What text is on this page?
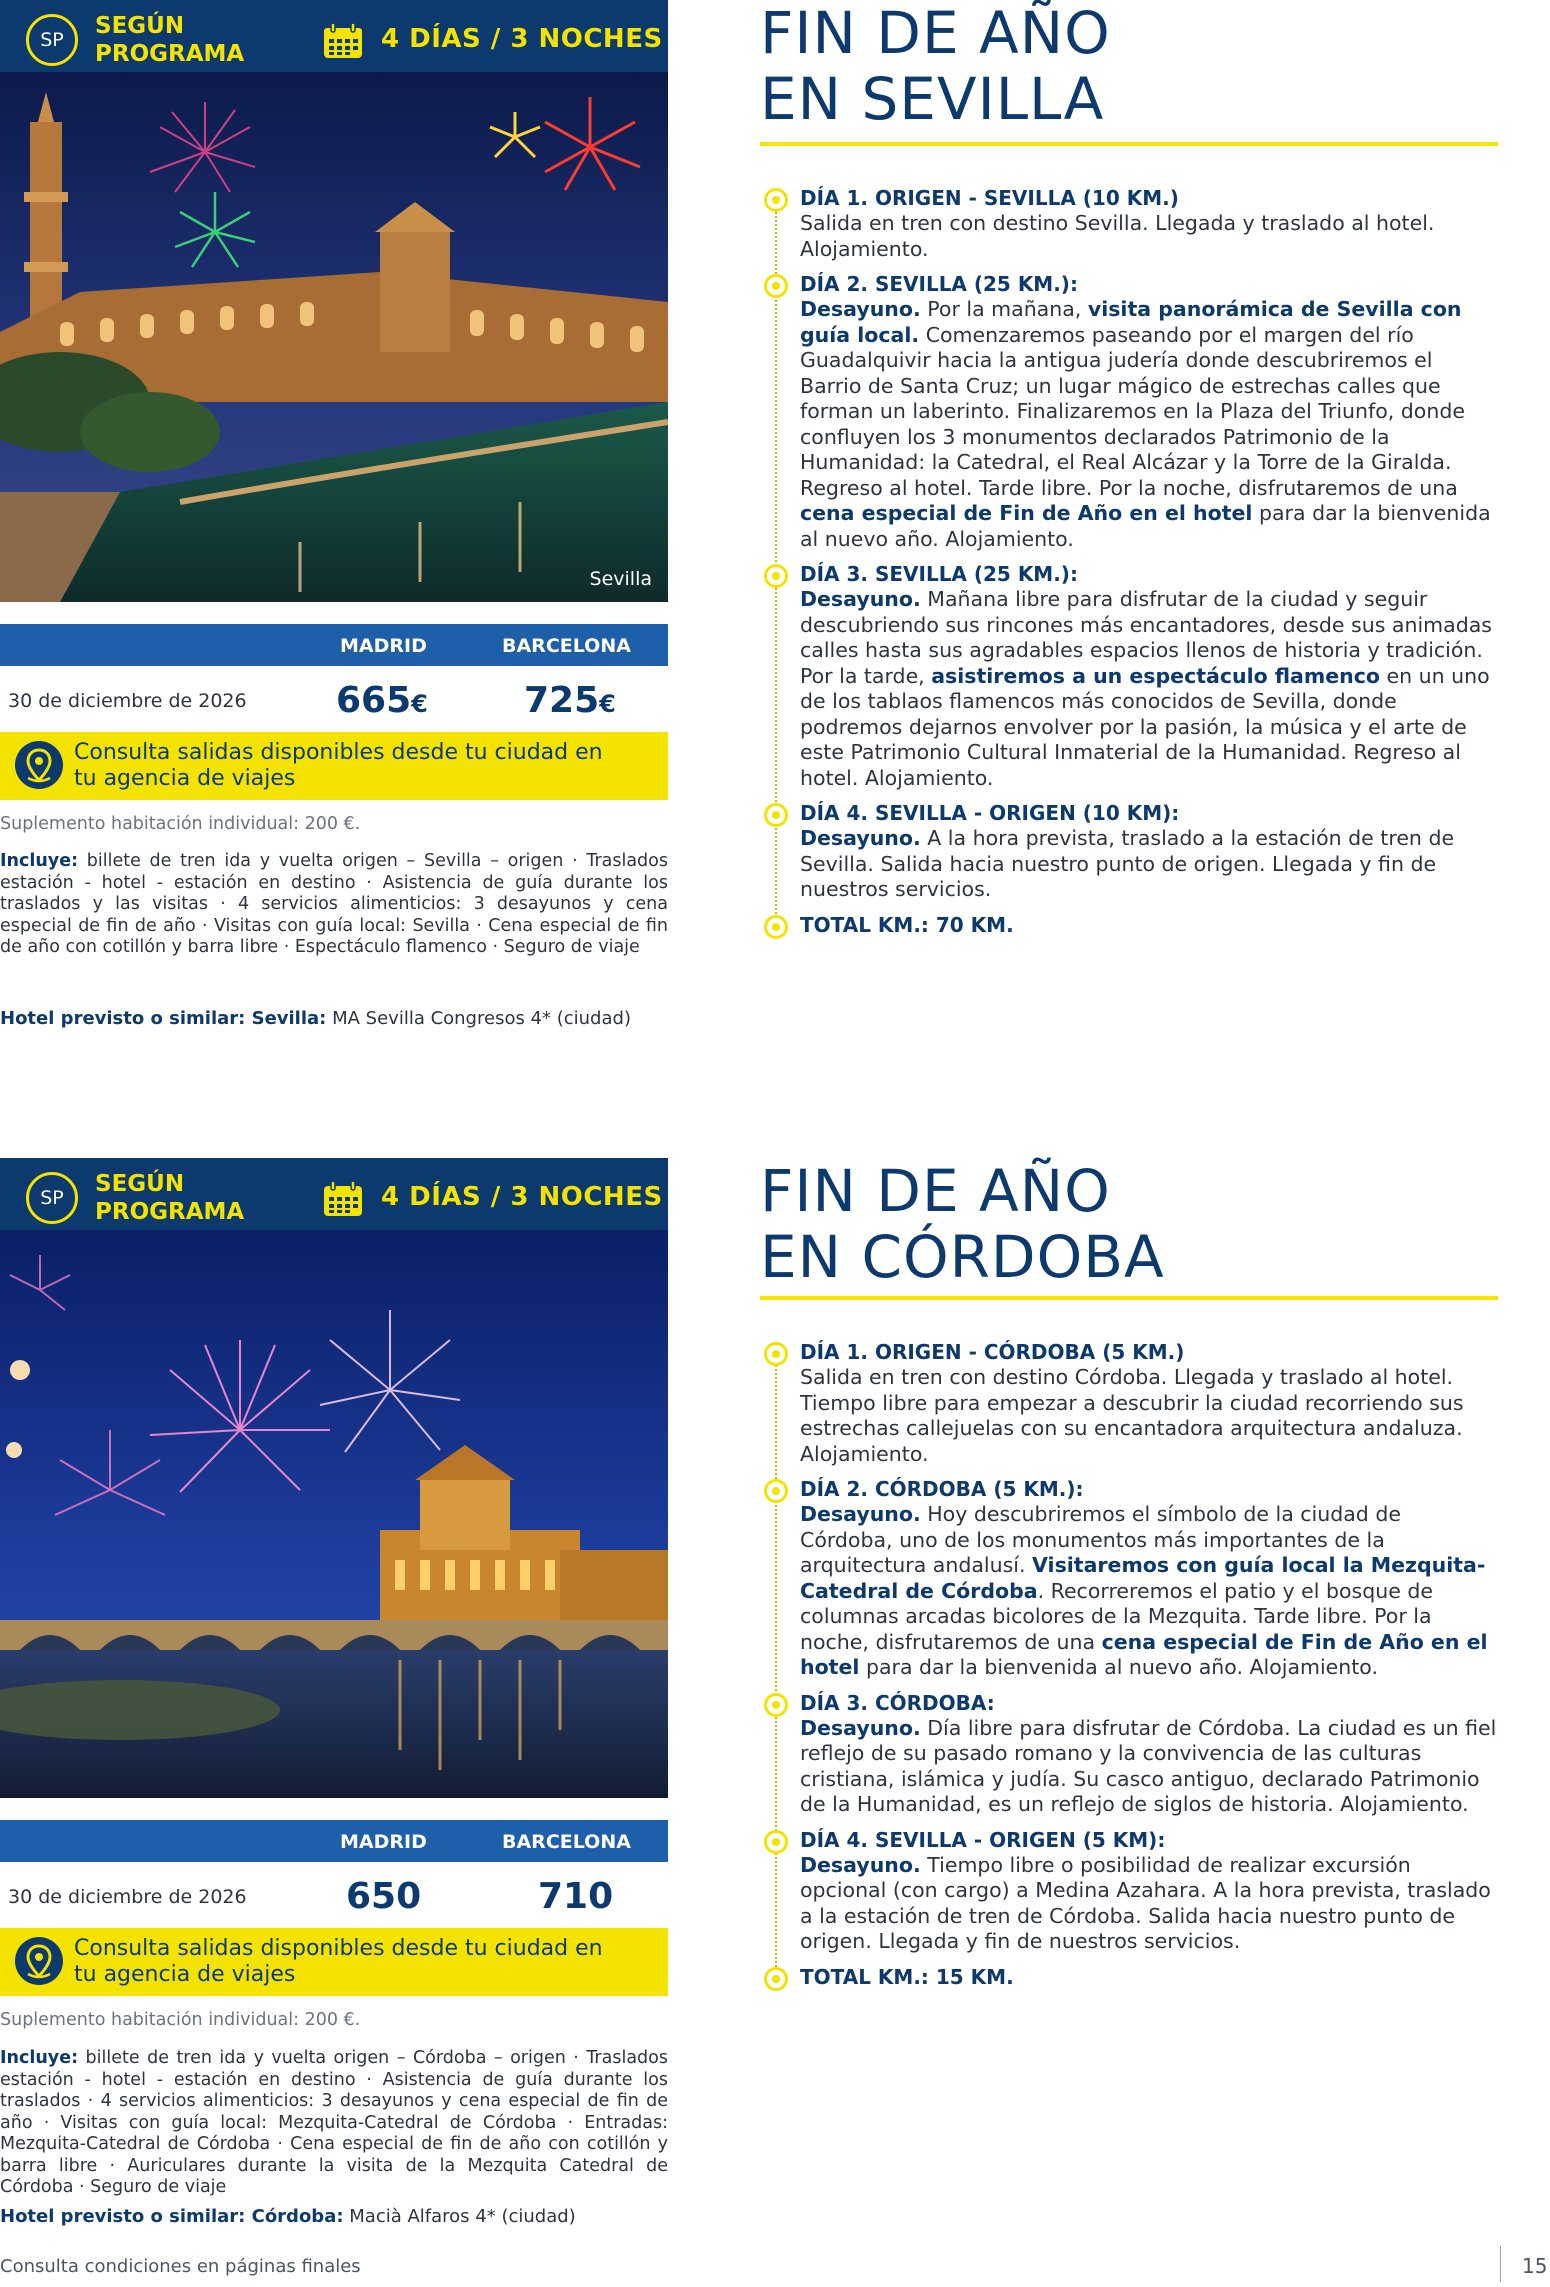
SP
SEGÚN
PROGRAMA	4 DÍAS / 3 NOCHES
Sevilla
MADRID	BARCELONA
30 de diciembre de 2026 665€	725€
Consulta salidas disponibles desde tu ciudad en
tu agencia de viajes
Suplemento habitación individual: 200 €.
Incluye: billete de tren ida y vuelta origen – Sevilla – origen · Traslados estación - hotel - estación en destino · Asistencia de guía durante los traslados y las visitas · 4 servicios alimenticios: 3 desayunos y cena especial de fin de año · Visitas con guía local: Sevilla · Cena especial de fin de año con cotillón y barra libre · Espectáculo flamenco · Seguro de viaje
Hotel previsto o similar: Sevilla: MA Sevilla Congresos 4* (ciudad)
FIN DE AÑO
EN SEVILLA
DÍA 1. ORIGEN - SEVILLA (10 KM.)

Salida en tren con destino Sevilla. Llegada y traslado al hotel. Alojamiento.

DÍA 2. SEVILLA (25 KM.):

Desayuno. Por la mañana, visita panorámica de Sevilla con guía local. Comenzaremos paseando por el margen del río Guadalquivir hacia la antigua judería donde descubriremos el Barrio de Santa Cruz; un lugar mágico de estrechas calles que forman un laberinto. Finalizaremos en la Plaza del Triunfo, donde confluyen los 3 monumentos declarados Patrimonio de la Humanidad: la Catedral, el Real Alcázar y la Torre de la Giralda. Regreso al hotel. Tarde libre. Por la noche, disfrutaremos de una cena especial de Fin de Año en el hotel para dar la bienvenida al nuevo año. Alojamiento.

DÍA 3. SEVILLA (25 KM.):

Desayuno. Mañana libre para disfrutar de la ciudad y seguir descubriendo sus rincones más encantadores, desde sus animadas calles hasta sus agradables espacios llenos de historia y tradición. Por la tarde, asistiremos a un espectáculo flamenco en un uno de los tablaos flamencos más conocidos de Sevilla, donde podremos dejarnos envolver por la pasión, la música y el arte de este Patrimonio Cultural Inmaterial de la Humanidad. Regreso al hotel. Alojamiento.

DÍA 4. SEVILLA - ORIGEN (10 KM):

Desayuno. A la hora prevista, traslado a la estación de tren de Sevilla. Salida hacia nuestro punto de origen. Llegada y fin de nuestros servicios.

TOTAL KM.: 70 KM.
SP
SEGÚN
PROGRAMA	4 DÍAS / 3 NOCHES
MADRID	BARCELONA
30 de diciembre de 2026	650	710
Consulta salidas disponibles desde tu ciudad en
tu agencia de viajes
Suplemento habitación individual: 200 €.
Incluye: billete de tren ida y vuelta origen – Córdoba – origen · Traslados estación - hotel - estación en destino · Asistencia de guía durante los traslados · 4 servicios alimenticios: 3 desayunos y cena especial de fin de año · Visitas con guía local: Mezquita-Catedral de Córdoba · Entradas: Mezquita-Catedral de Córdoba · Cena especial de fin de año con cotillón y barra libre · Auriculares durante la visita de la Mezquita Catedral de Córdoba · Seguro de viaje
Hotel previsto o similar: Córdoba: Macià Alfaros 4* (ciudad)
FIN DE AÑO
EN CÓRDOBA
DÍA 1. ORIGEN - CÓRDOBA (5 KM.)

Salida en tren con destino Córdoba. Llegada y traslado al hotel. Tiempo libre para empezar a descubrir la ciudad recorriendo sus estrechas callejuelas con su encantadora arquitectura andaluza. Alojamiento.

DÍA 2. CÓRDOBA (5 KM.):

Desayuno. Hoy descubriremos el símbolo de la ciudad de Córdoba, uno de los monumentos más importantes de la arquitectura andalusí. Visitaremos con guía local la Mezquita-Catedral de Córdoba. Recorreremos el patio y el bosque de columnas arcadas bicolores de la Mezquita. Tarde libre. Por la noche, disfrutaremos de una cena especial de Fin de Año en el hotel para dar la bienvenida al nuevo año. Alojamiento.

DÍA 3. CÓRDOBA:

Desayuno. Día libre para disfrutar de Córdoba. La ciudad es un fiel reflejo de su pasado romano y la convivencia de las culturas cristiana, islámica y judía. Su casco antiguo, declarado Patrimonio de la Humanidad, es un reflejo de siglos de historia. Alojamiento.

DÍA 4. SEVILLA - ORIGEN (5 KM):

Desayuno. Tiempo libre o posibilidad de realizar excursión opcional (con cargo) a Medina Azahara. A la hora prevista, traslado a la estación de tren de Córdoba. Salida hacia nuestro punto de origen. Llegada y fin de nuestros servicios.

TOTAL KM.: 15 KM.
Consulta condiciones en páginas finales	15
